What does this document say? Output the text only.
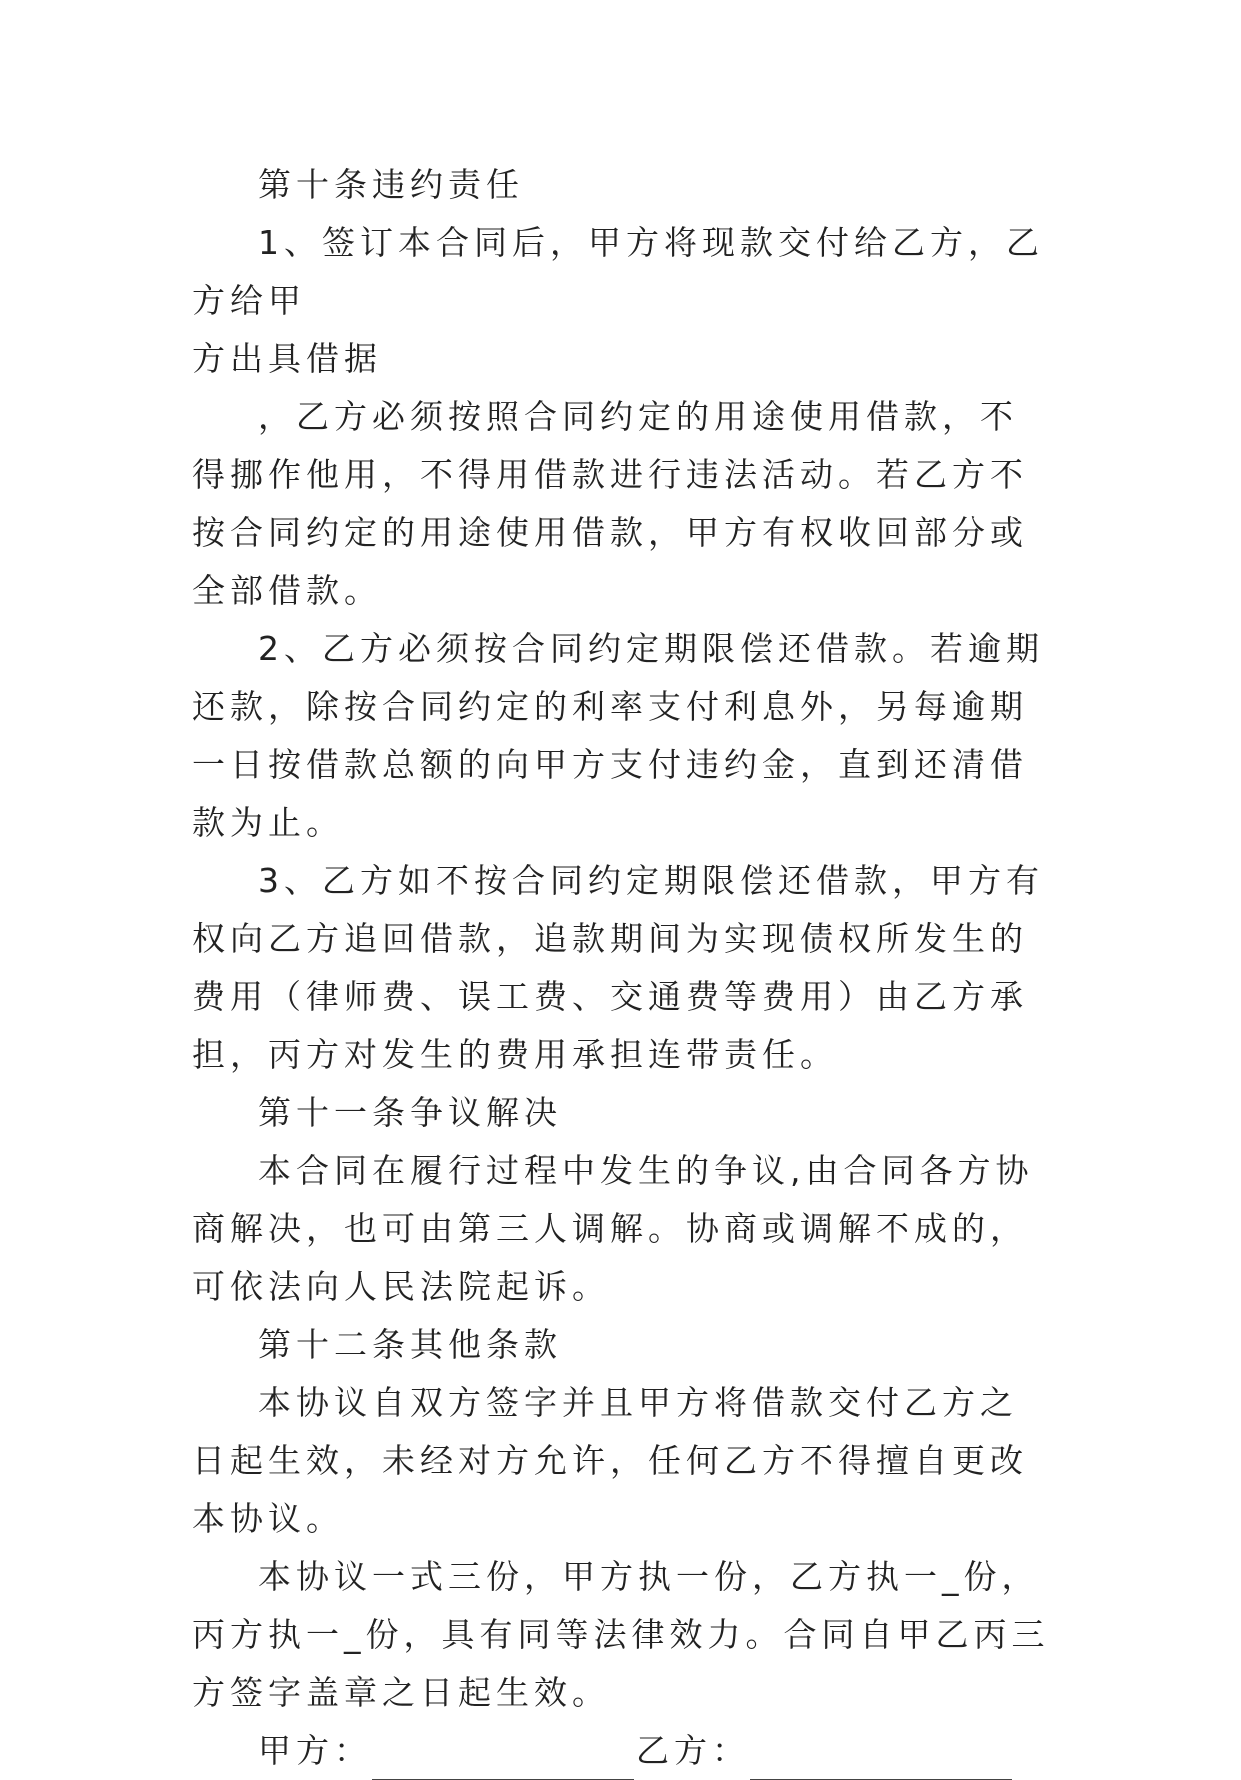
第十条违约责任

1、签订本合同后，甲方将现款交付给乙方，乙方给甲

方出具借据

，乙方必须按照合同约定的用途使用借款，不得挪作他用，不得用借款进行违法活动。若乙方不按合同约定的用途使用借款，甲方有权收回部分或全部借款。

2、乙方必须按合同约定期限偿还借款。若逾期还款，除按合同约定的利率支付利息外，另每逾期一日按借款总额的向甲方支付违约金，直到还清借款为止。

3、乙方如不按合同约定期限偿还借款，甲方有权向乙方追回借款，追款期间为实现债权所发生的费用（律师费、误工费、交通费等费用）由乙方承担，丙方对发生的费用承担连带责任。

第十一条争议解决

本合同在履行过程中发生的争议,由合同各方协商解决，也可由第三人调解。协商或调解不成的，可依法向人民法院起诉。

第十二条其他条款

本协议自双方签字并且甲方将借款交付乙方之日起生效，未经对方允许，任何乙方不得擅自更改本协议。

本协议一式三份，甲方执一份，乙方执一_份，丙方执一_份，具有同等法律效力。合同自甲乙丙三方签字盖章之日起生效。

甲方：	乙方：
